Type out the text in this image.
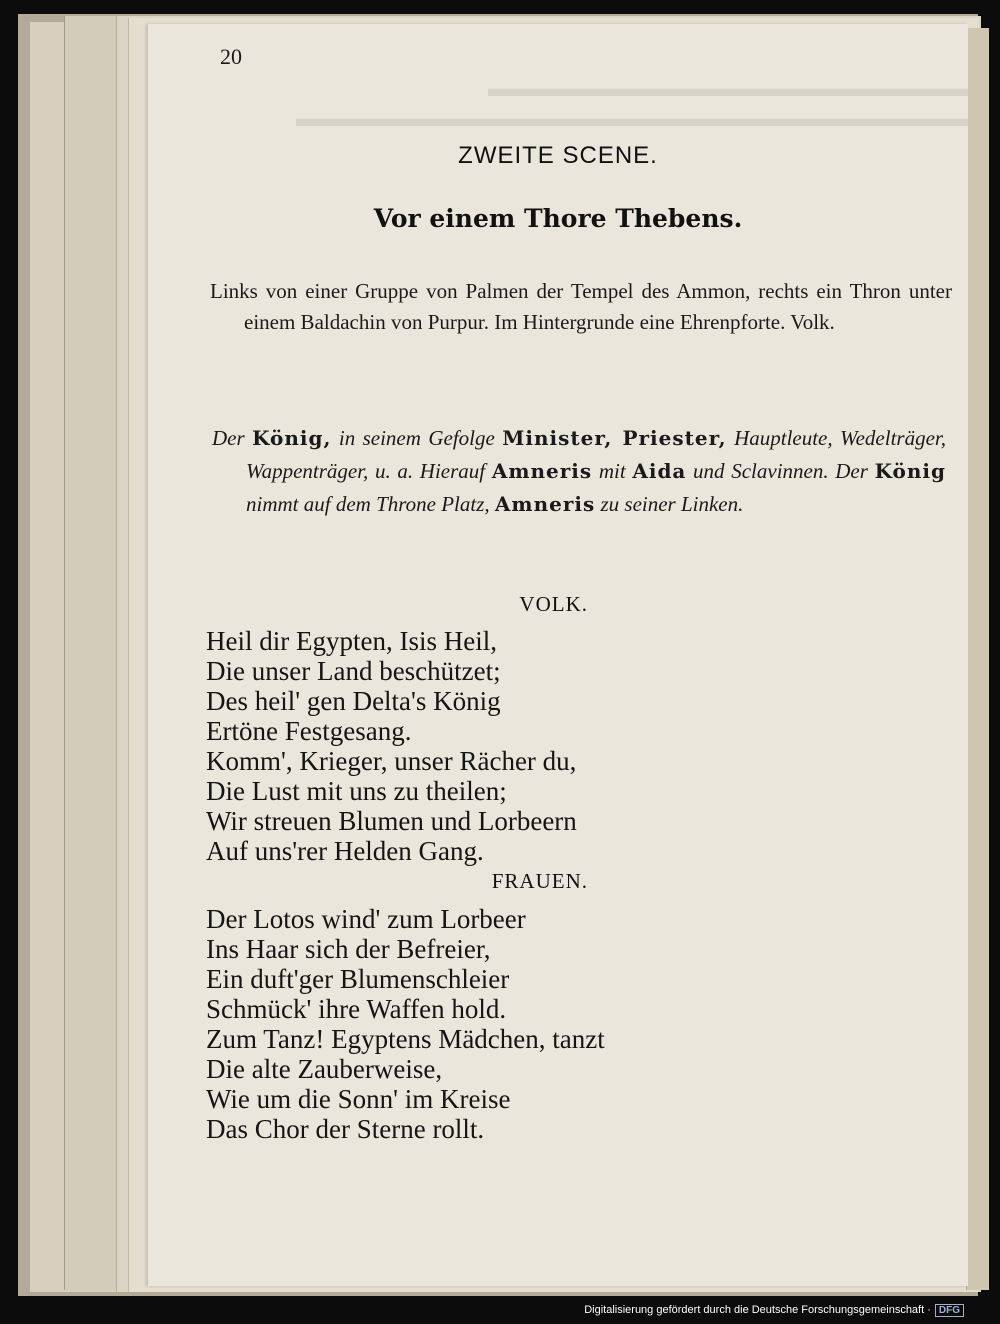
▬▬▬▬▬▬▬▬▬▬▬▬▬▬▬▬▬▬▬▬
▬▬▬▬▬▬▬▬▬▬▬▬▬▬▬▬▬▬▬▬▬▬▬▬▬▬▬▬
20
ZWEITE SCENE.
Vor einem Thore Thebens.
Links von einer Gruppe von Palmen der Tempel des Ammon, rechts ein Thron unter einem Baldachin von Purpur. Im Hintergrunde eine Ehrenpforte. Volk.
Der König, in seinem Gefolge Minister, Priester, Hauptleute, Wedelträger, Wappenträger, u. a. Hierauf Amneris mit Aida und Sclavinnen. Der König nimmt auf dem Throne Platz, Amneris zu seiner Linken.
VOLK.
Heil dir Egypten, Isis Heil,
Die unser Land beschützet;
Des heil' gen Delta's König
Ertöne Festgesang.
Komm', Krieger, unser Rächer du,
Die Lust mit uns zu theilen;
Wir streuen Blumen und Lorbeern
Auf uns'rer Helden Gang.
FRAUEN.
Der Lotos wind' zum Lorbeer
Ins Haar sich der Befreier,
Ein duft'ger Blumenschleier
Schmück' ihre Waffen hold.
Zum Tanz! Egyptens Mädchen, tanzt
Die alte Zauberweise,
Wie um die Sonn' im Kreise
Das Chor der Sterne rollt.
Digitalisierung gefördert durch die Deutsche Forschungsgemeinschaft · DFG
